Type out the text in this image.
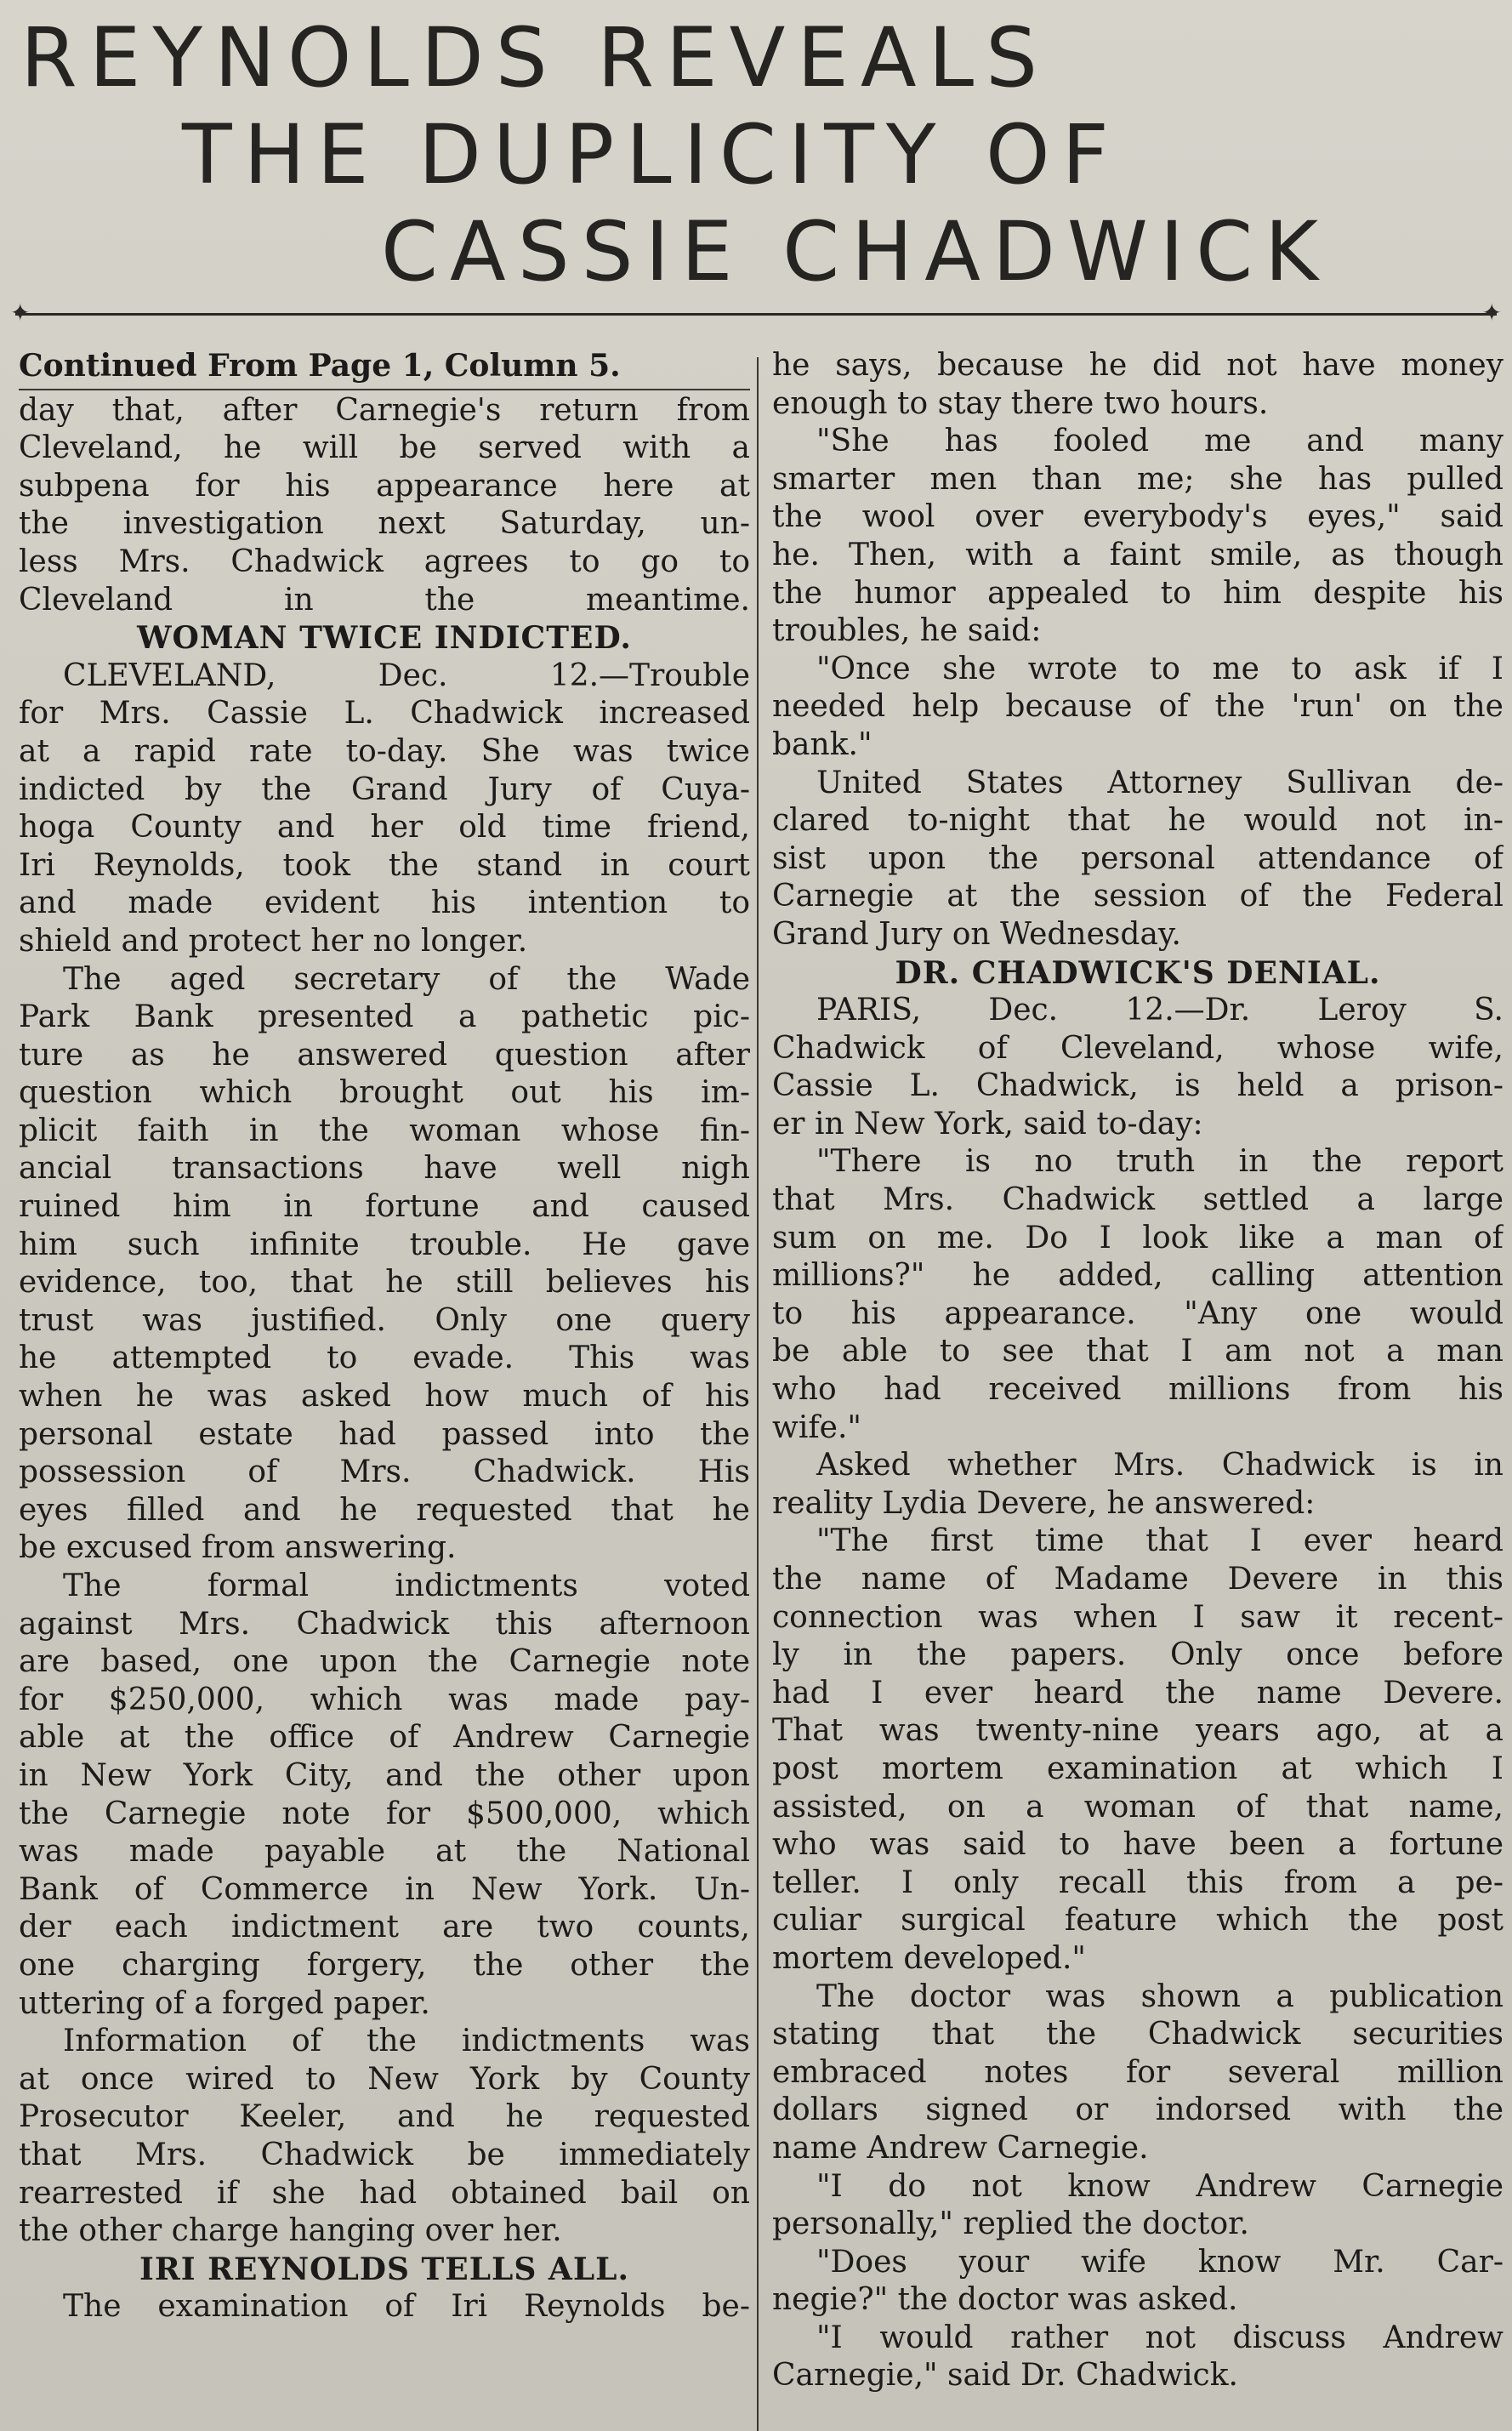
REYNOLDS REVEALS
THE DUPLICITY OF
CASSIE CHADWICK
✦ ✦
Continued From Page 1, Column 5.
day that, after Carnegie's return from
Cleveland, he will be served with a
subpena for his appearance here at
the investigation next Saturday, un-
less Mrs. Chadwick agrees to go to
Cleveland in the meantime.
WOMAN TWICE INDICTED.
CLEVELAND, Dec. 12.—Trouble
for Mrs. Cassie L. Chadwick increased
at a rapid rate to-day. She was twice
indicted by the Grand Jury of Cuya-
hoga County and her old time friend,
Iri Reynolds, took the stand in court
and made evident his intention to
shield and protect her no longer.
The aged secretary of the Wade
Park Bank presented a pathetic pic-
ture as he answered question after
question which brought out his im-
plicit faith in the woman whose fin-
ancial transactions have well nigh
ruined him in fortune and caused
him such infinite trouble. He gave
evidence, too, that he still believes his
trust was justified. Only one query
he attempted to evade. This was
when he was asked how much of his
personal estate had passed into the
possession of Mrs. Chadwick. His
eyes filled and he requested that he
be excused from answering.
The formal indictments voted
against Mrs. Chadwick this afternoon
are based, one upon the Carnegie note
for $250,000, which was made pay-
able at the office of Andrew Carnegie
in New York City, and the other upon
the Carnegie note for $500,000, which
was made payable at the National
Bank of Commerce in New York. Un-
der each indictment are two counts,
one charging forgery, the other the
uttering of a forged paper.
Information of the indictments was
at once wired to New York by County
Prosecutor Keeler, and he requested
that Mrs. Chadwick be immediately
rearrested if she had obtained bail on
the other charge hanging over her.
IRI REYNOLDS TELLS ALL.
The examination of Iri Reynolds be-
he says, because he did not have money
enough to stay there two hours.
"She has fooled me and many
smarter men than me; she has pulled
the wool over everybody's eyes," said
he. Then, with a faint smile, as though
the humor appealed to him despite his
troubles, he said:
"Once she wrote to me to ask if I
needed help because of the 'run' on the
bank."
United States Attorney Sullivan de-
clared to-night that he would not in-
sist upon the personal attendance of
Carnegie at the session of the Federal
Grand Jury on Wednesday.
DR. CHADWICK'S DENIAL.
PARIS, Dec. 12.—Dr. Leroy S.
Chadwick of Cleveland, whose wife,
Cassie L. Chadwick, is held a prison-
er in New York, said to-day:
"There is no truth in the report
that Mrs. Chadwick settled a large
sum on me. Do I look like a man of
millions?" he added, calling attention
to his appearance. "Any one would
be able to see that I am not a man
who had received millions from his
wife."
Asked whether Mrs. Chadwick is in
reality Lydia Devere, he answered:
"The first time that I ever heard
the name of Madame Devere in this
connection was when I saw it recent-
ly in the papers. Only once before
had I ever heard the name Devere.
That was twenty-nine years ago, at a
post mortem examination at which I
assisted, on a woman of that name,
who was said to have been a fortune
teller. I only recall this from a pe-
culiar surgical feature which the post
mortem developed."
The doctor was shown a publication
stating that the Chadwick securities
embraced notes for several million
dollars signed or indorsed with the
name Andrew Carnegie.
"I do not know Andrew Carnegie
personally," replied the doctor.
"Does your wife know Mr. Car-
negie?" the doctor was asked.
"I would rather not discuss Andrew
Carnegie," said Dr. Chadwick.
